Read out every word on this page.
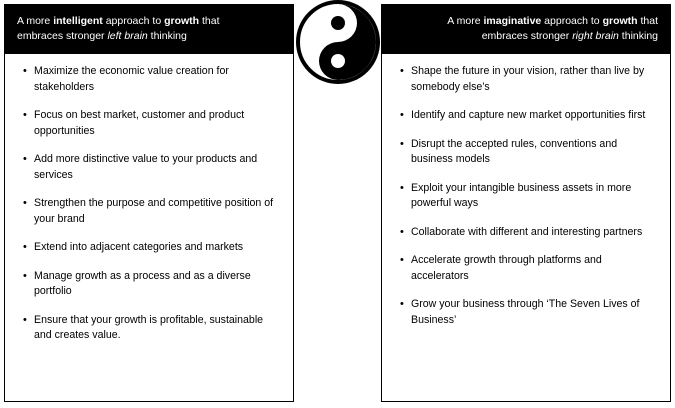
A more intelligent approach to growth that
embraces stronger left brain thinking
• Maximize the economic value creation for stakeholders
• Focus on best market, customer and product opportunities
• Add more distinctive value to your products and services
• Strengthen the purpose and competitive position of your brand
• Extend into adjacent categories and markets
• Manage growth as a process and as a diverse portfolio
• Ensure that your growth is profitable, sustainable and creates value.
A more imaginative approach to growth that
embraces stronger right brain thinking
• Shape the future in your vision, rather than live by somebody else’s
• Identify and capture new market opportunities first
• Disrupt the accepted rules, conventions and business models
• Exploit your intangible business assets in more powerful ways
• Collaborate with different and interesting partners
• Accelerate growth through platforms and accelerators
• Grow your business through ‘The Seven Lives of Business’
